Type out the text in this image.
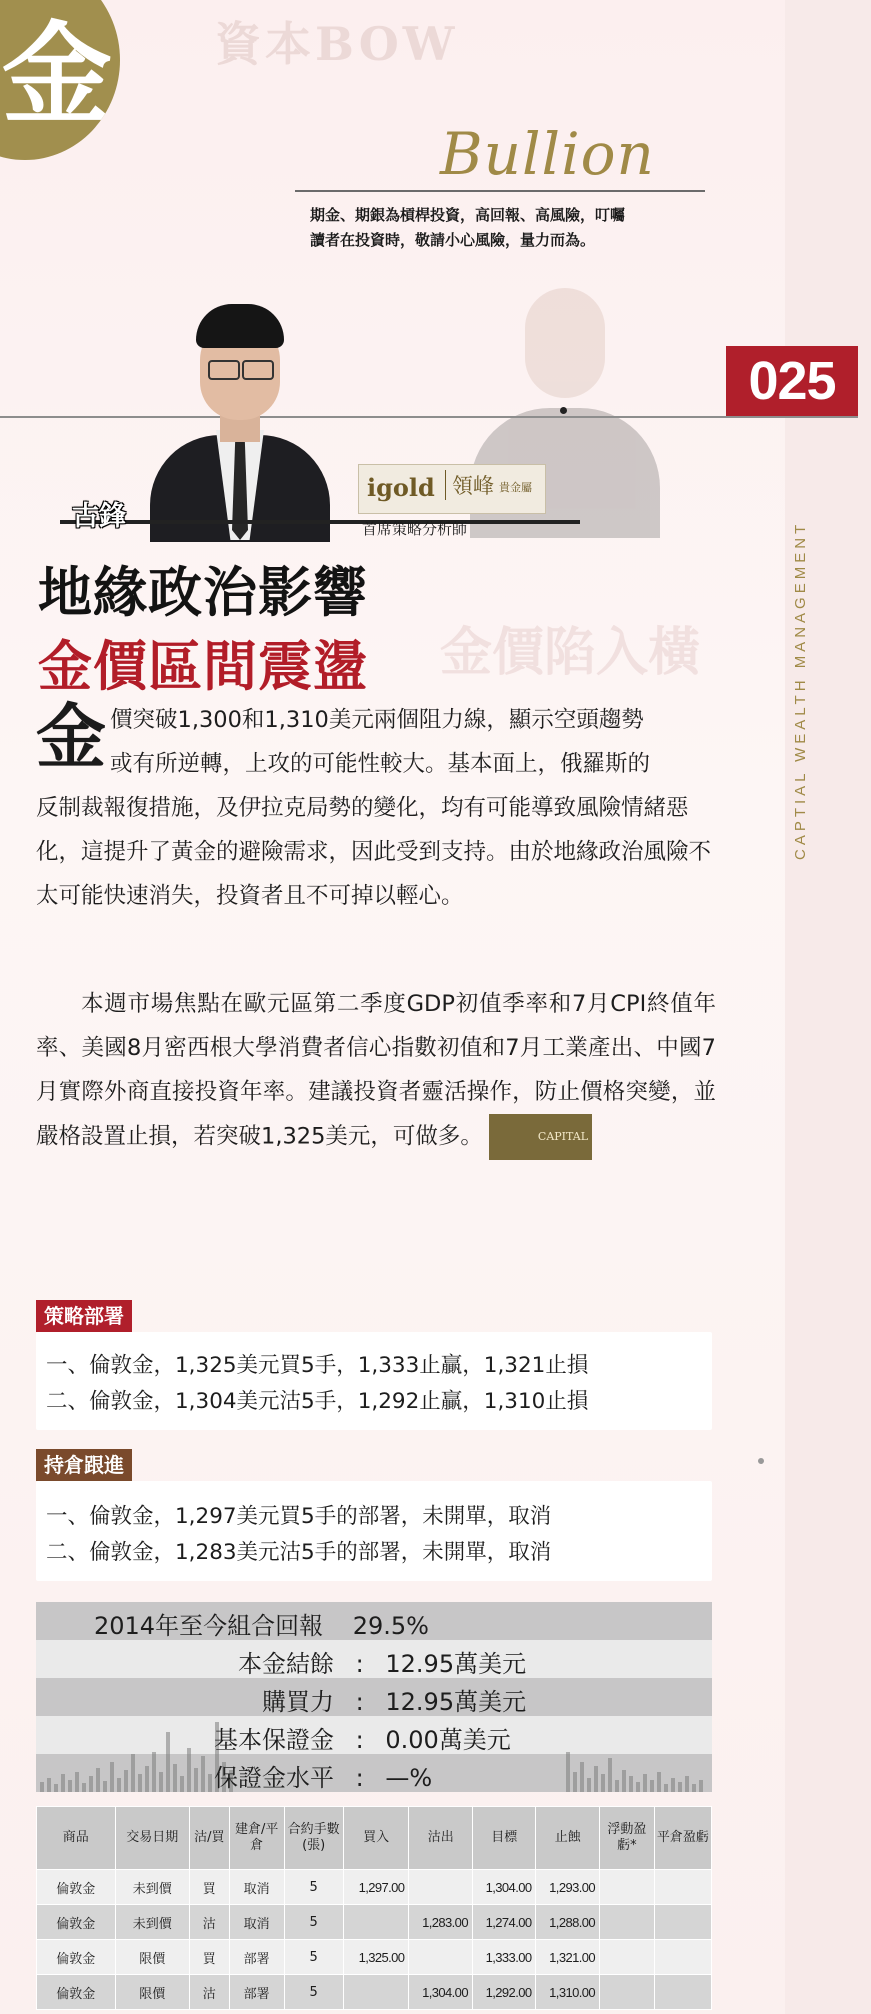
資本BOW
金
Bullion
期金、期銀為槓桿投資，高回報、高風險，叮囑
讀者在投資時，敬請小心風險，量力而為。
025
CAPTIAL WEALTH MANAGEMENT
古鋒
igold 領峰 貴金屬
首席策略分析師
金價陷入橫
地緣政治影響
金價區間震盪
金 價突破1,300和1,310美元兩個阻力線，顯示空頭趨勢
或有所逆轉，上攻的可能性較大。基本面上，俄羅斯的
反制裁報復措施，及伊拉克局勢的變化，均有可能導致風險情緒惡化，這提升了黃金的避險需求，因此受到支持。由於地緣政治風險不太可能快速消失，投資者且不可掉以輕心。
本週市場焦點在歐元區第二季度GDP初值季率和7月CPI終值年率、美國8月密西根大學消費者信心指數初值和7月工業產出、中國7月實際外商直接投資年率。建議投資者靈活操作，防止價格突變，並嚴格設置止損，若突破1,325美元，可做多。	CAPITAL
策略部署
一、倫敦金，1,325美元買5手，1,333止贏，1,321止損
二、倫敦金，1,304美元沽5手，1,292止贏，1,310止損
持倉跟進
一、倫敦金，1,297美元買5手的部署，未開單，取消
二、倫敦金，1,283美元沽5手的部署，未開單，取消
2014年至今組合回報 29.5%
本金結餘 : 12.95萬美元
購買力 : 12.95萬美元
基本保證金 : 0.00萬美元
保證金水平 : —%
商品	交易日期	沽/買	建倉/平倉	合約手數(張)	買入	沽出	目標	止蝕	浮動盈虧*	平倉盈虧
倫敦金	未到價	買	取消	5	1,297.00		1,304.00	1,293.00		
倫敦金	未到價	沽	取消	5		1,283.00	1,274.00	1,288.00		
倫敦金	限價	買	部署	5	1,325.00		1,333.00	1,321.00		
倫敦金	限價	沽	部署	5		1,304.00	1,292.00	1,310.00		
